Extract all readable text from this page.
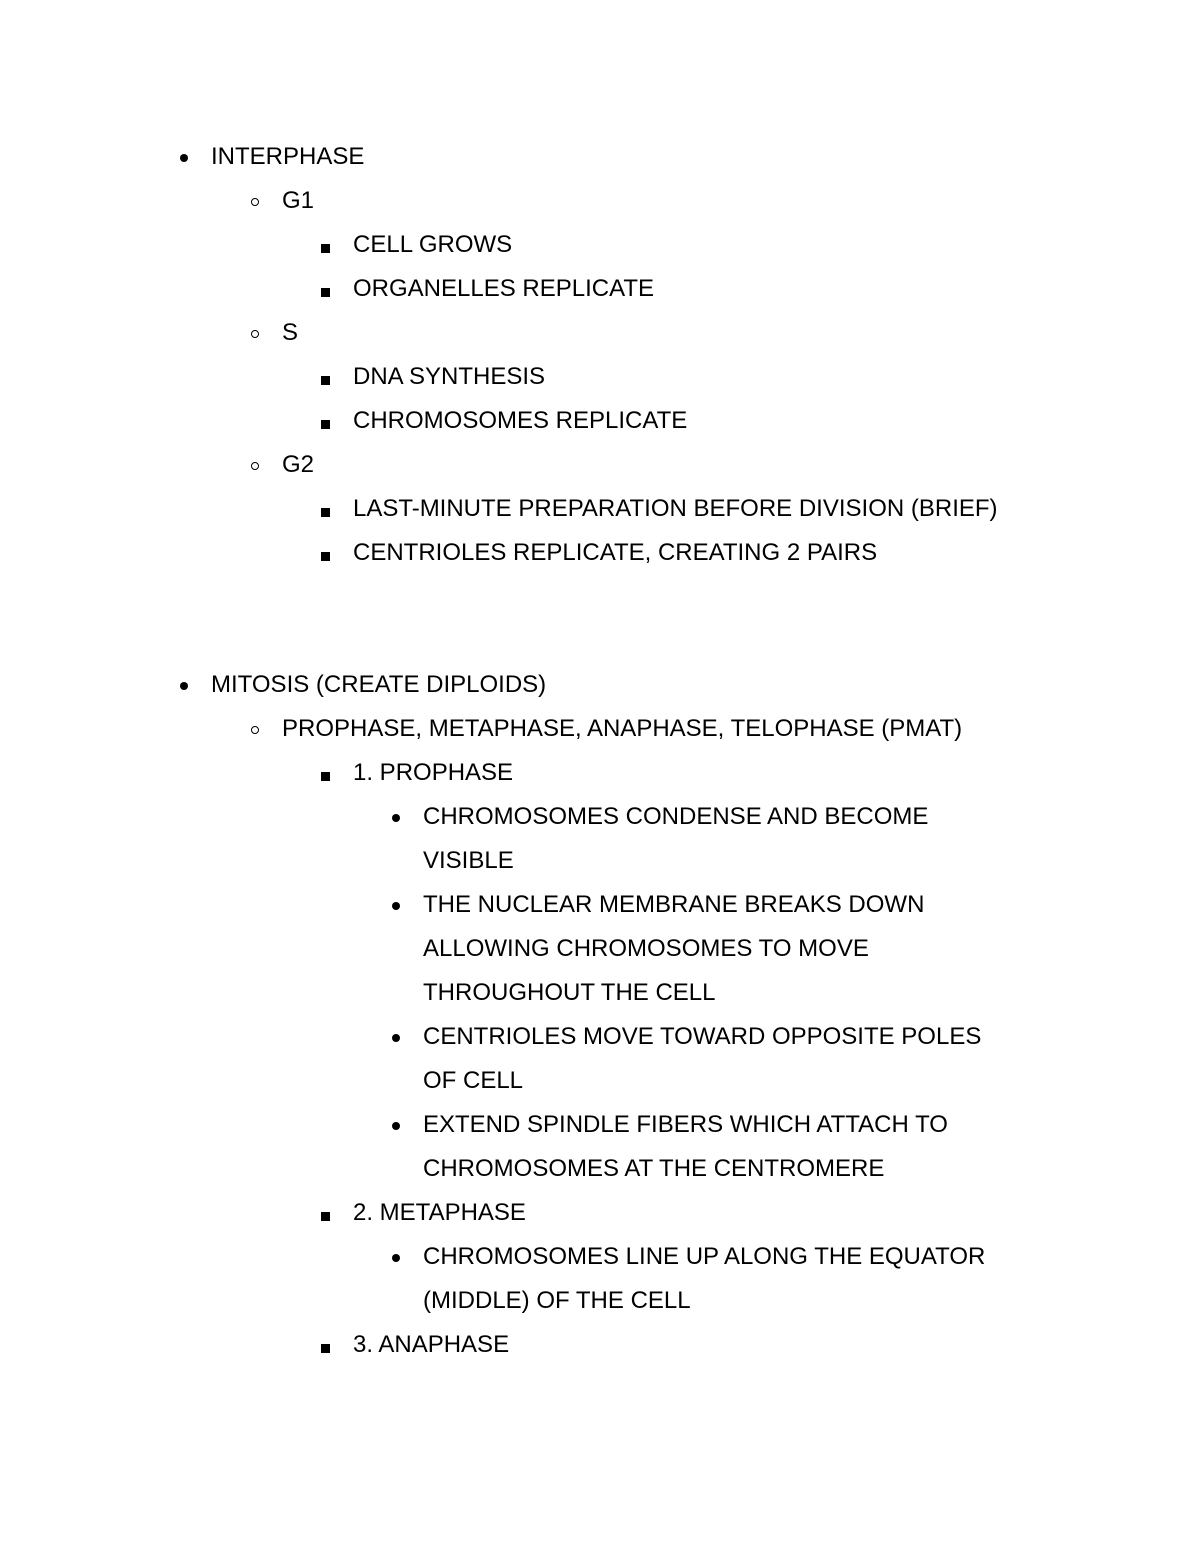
INTERPHASE
G1
CELL GROWS
ORGANELLES REPLICATE
S
DNA SYNTHESIS
CHROMOSOMES REPLICATE
G2
LAST-MINUTE PREPARATION BEFORE DIVISION (BRIEF)
CENTRIOLES REPLICATE, CREATING 2 PAIRS
MITOSIS (CREATE DIPLOIDS)
PROPHASE, METAPHASE, ANAPHASE, TELOPHASE (PMAT)
1. PROPHASE
CHROMOSOMES CONDENSE AND BECOME
VISIBLE
THE NUCLEAR MEMBRANE BREAKS DOWN
ALLOWING CHROMOSOMES TO MOVE
THROUGHOUT THE CELL
CENTRIOLES MOVE TOWARD OPPOSITE POLES
OF CELL
EXTEND SPINDLE FIBERS WHICH ATTACH TO
CHROMOSOMES AT THE CENTROMERE
2. METAPHASE
CHROMOSOMES LINE UP ALONG THE EQUATOR
(MIDDLE) OF THE CELL
3. ANAPHASE
